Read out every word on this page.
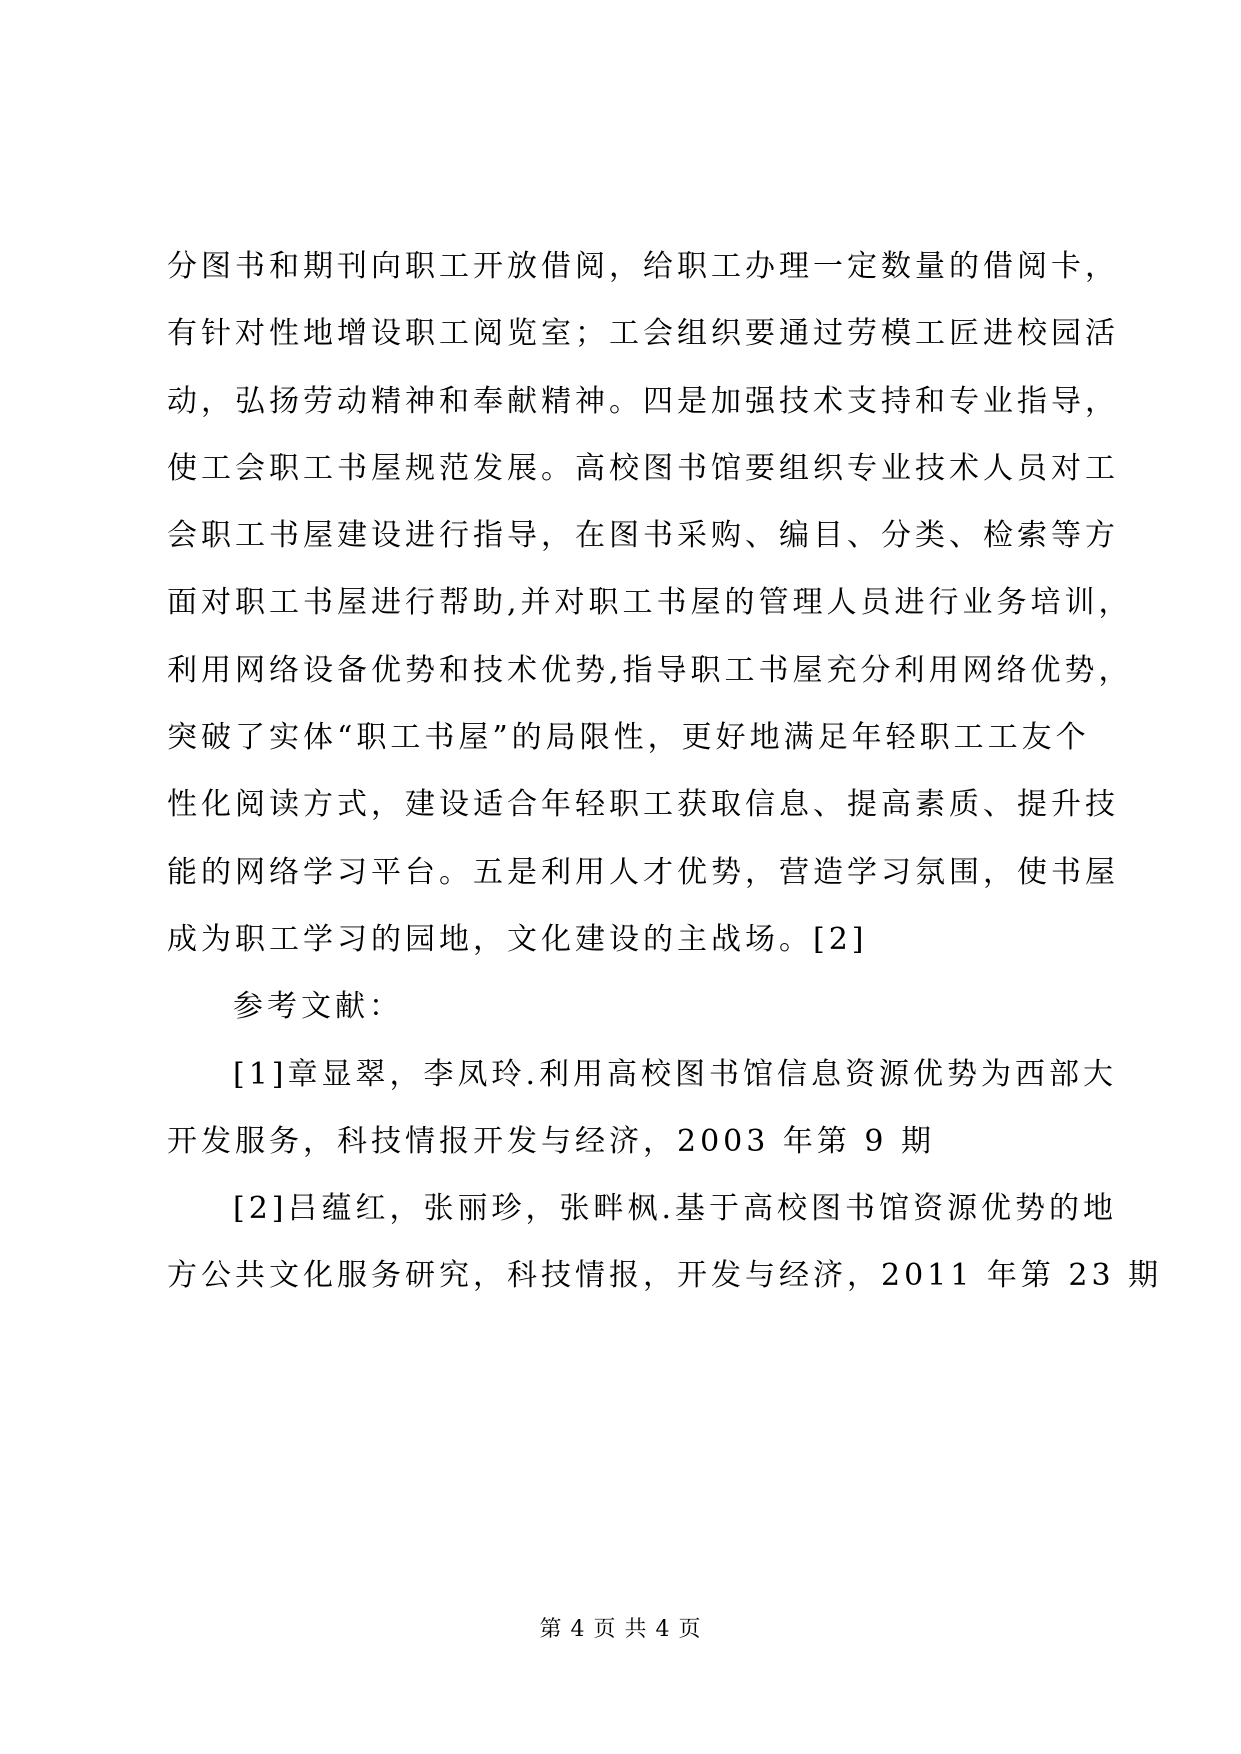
分图书和期刊向职工开放借阅，给职工办理一定数量的借阅卡，
有针对性地增设职工阅览室；工会组织要通过劳模工匠进校园活
动，弘扬劳动精神和奉献精神。四是加强技术支持和专业指导，
使工会职工书屋规范发展。高校图书馆要组织专业技术人员对工
会职工书屋建设进行指导，在图书采购、编目、分类、检索等方
面对职工书屋进行帮助,并对职工书屋的管理人员进行业务培训，
利用网络设备优势和技术优势,指导职工书屋充分利用网络优势，
突破了实体“职工书屋”的局限性，更好地满足年轻职工工友个
性化阅读方式，建设适合年轻职工获取信息、提高素质、提升技
能的网络学习平台。五是利用人才优势，营造学习氛围，使书屋
成为职工学习的园地，文化建设的主战场。[2]
参考文献：
[1]章显翠，李凤玲.利用高校图书馆信息资源优势为西部大
开发服务，科技情报开发与经济，2003 年第 9 期
[2]吕蕴红，张丽珍，张畔枫.基于高校图书馆资源优势的地
方公共文化服务研究，科技情报，开发与经济，2011 年第 23 期
第 4 页 共 4 页
